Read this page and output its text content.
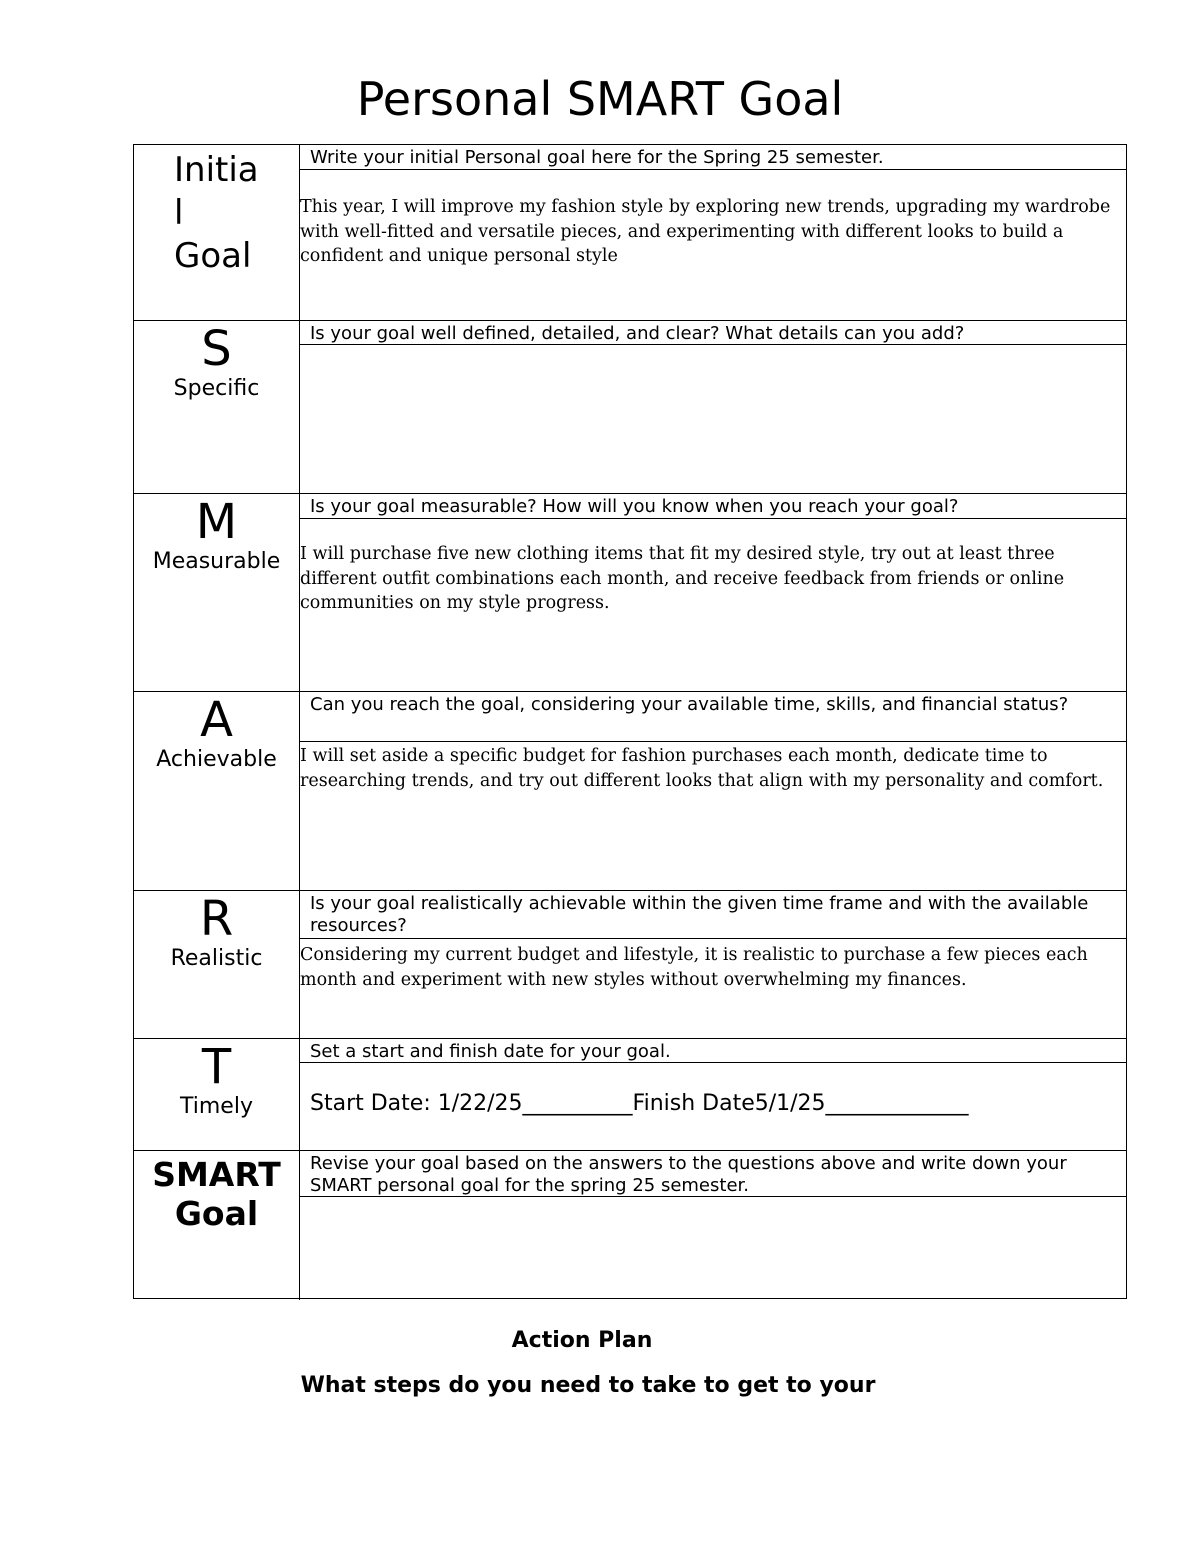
Personal SMART Goal
Initia
l
Goal
Write your initial Personal goal here for the Spring 25 semester.
This year, I will improve my fashion style by exploring new trends, upgrading my wardrobe with well-fitted and versatile pieces, and experimenting with different looks to build a confident and unique personal style
S
Specific
Is your goal well defined, detailed, and clear? What details can you add?
M
Measurable
Is your goal measurable? How will you know when you reach your goal?
I will purchase five new clothing items that fit my desired style, try out at least three different outfit combinations each month, and receive feedback from friends or online communities on my style progress.
A
Achievable
Can you reach the goal, considering your available time, skills, and financial status?
I will set aside a specific budget for fashion purchases each month, dedicate time to researching trends, and try out different looks that align with my personality and comfort.
R
Realistic
Is your goal realistically achievable within the given time frame and with the available resources?
Considering my current budget and lifestyle, it is realistic to purchase a few pieces each month and experiment with new styles without overwhelming my finances.
T
Timely
Set a start and finish date for your goal.
Start Date: 1/22/25__________Finish Date5/1/25_____________
SMART
Goal
Revise your goal based on the answers to the questions above and write down your SMART personal goal for the spring 25 semester.
Action Plan
What steps do you need to take to get to your
